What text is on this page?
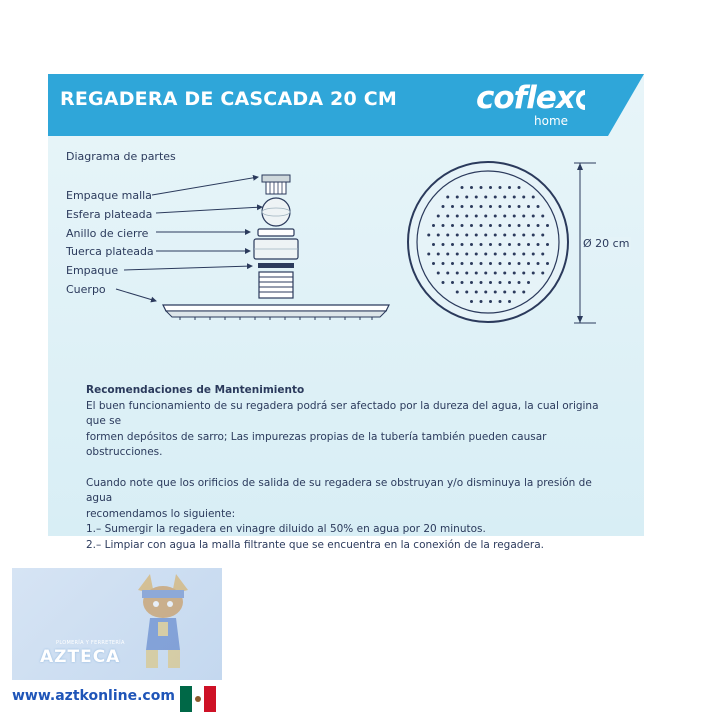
REGADERA DE CASCADA 20 CM	coflex
home
Diagrama de partes
Empaque malla
Esfera plateada
Anillo de cierre
Tuerca plateada
Empaque
Cuerpo
Ø 20 cm

Recomendaciones de Mantenimiento

El buen funcionamiento de su regadera podrá ser afectado por la dureza del agua, la cual origina que se

formen depósitos de sarro; Las impurezas propias de la tubería también pueden causar obstrucciones.

Cuando note que los orificios de salida de su regadera se obstruyan y/o disminuya la presión de agua

recomendamos lo siguiente:

1.– Sumergir la regadera en vinagre diluido al 50% en agua por 20 minutos.

2.– Limpiar con agua la malla filtrante que se encuentra en la conexión de la regadera.

PLOMERÍA Y FERRETERÍA
AZTECA
www.aztkonline.com
